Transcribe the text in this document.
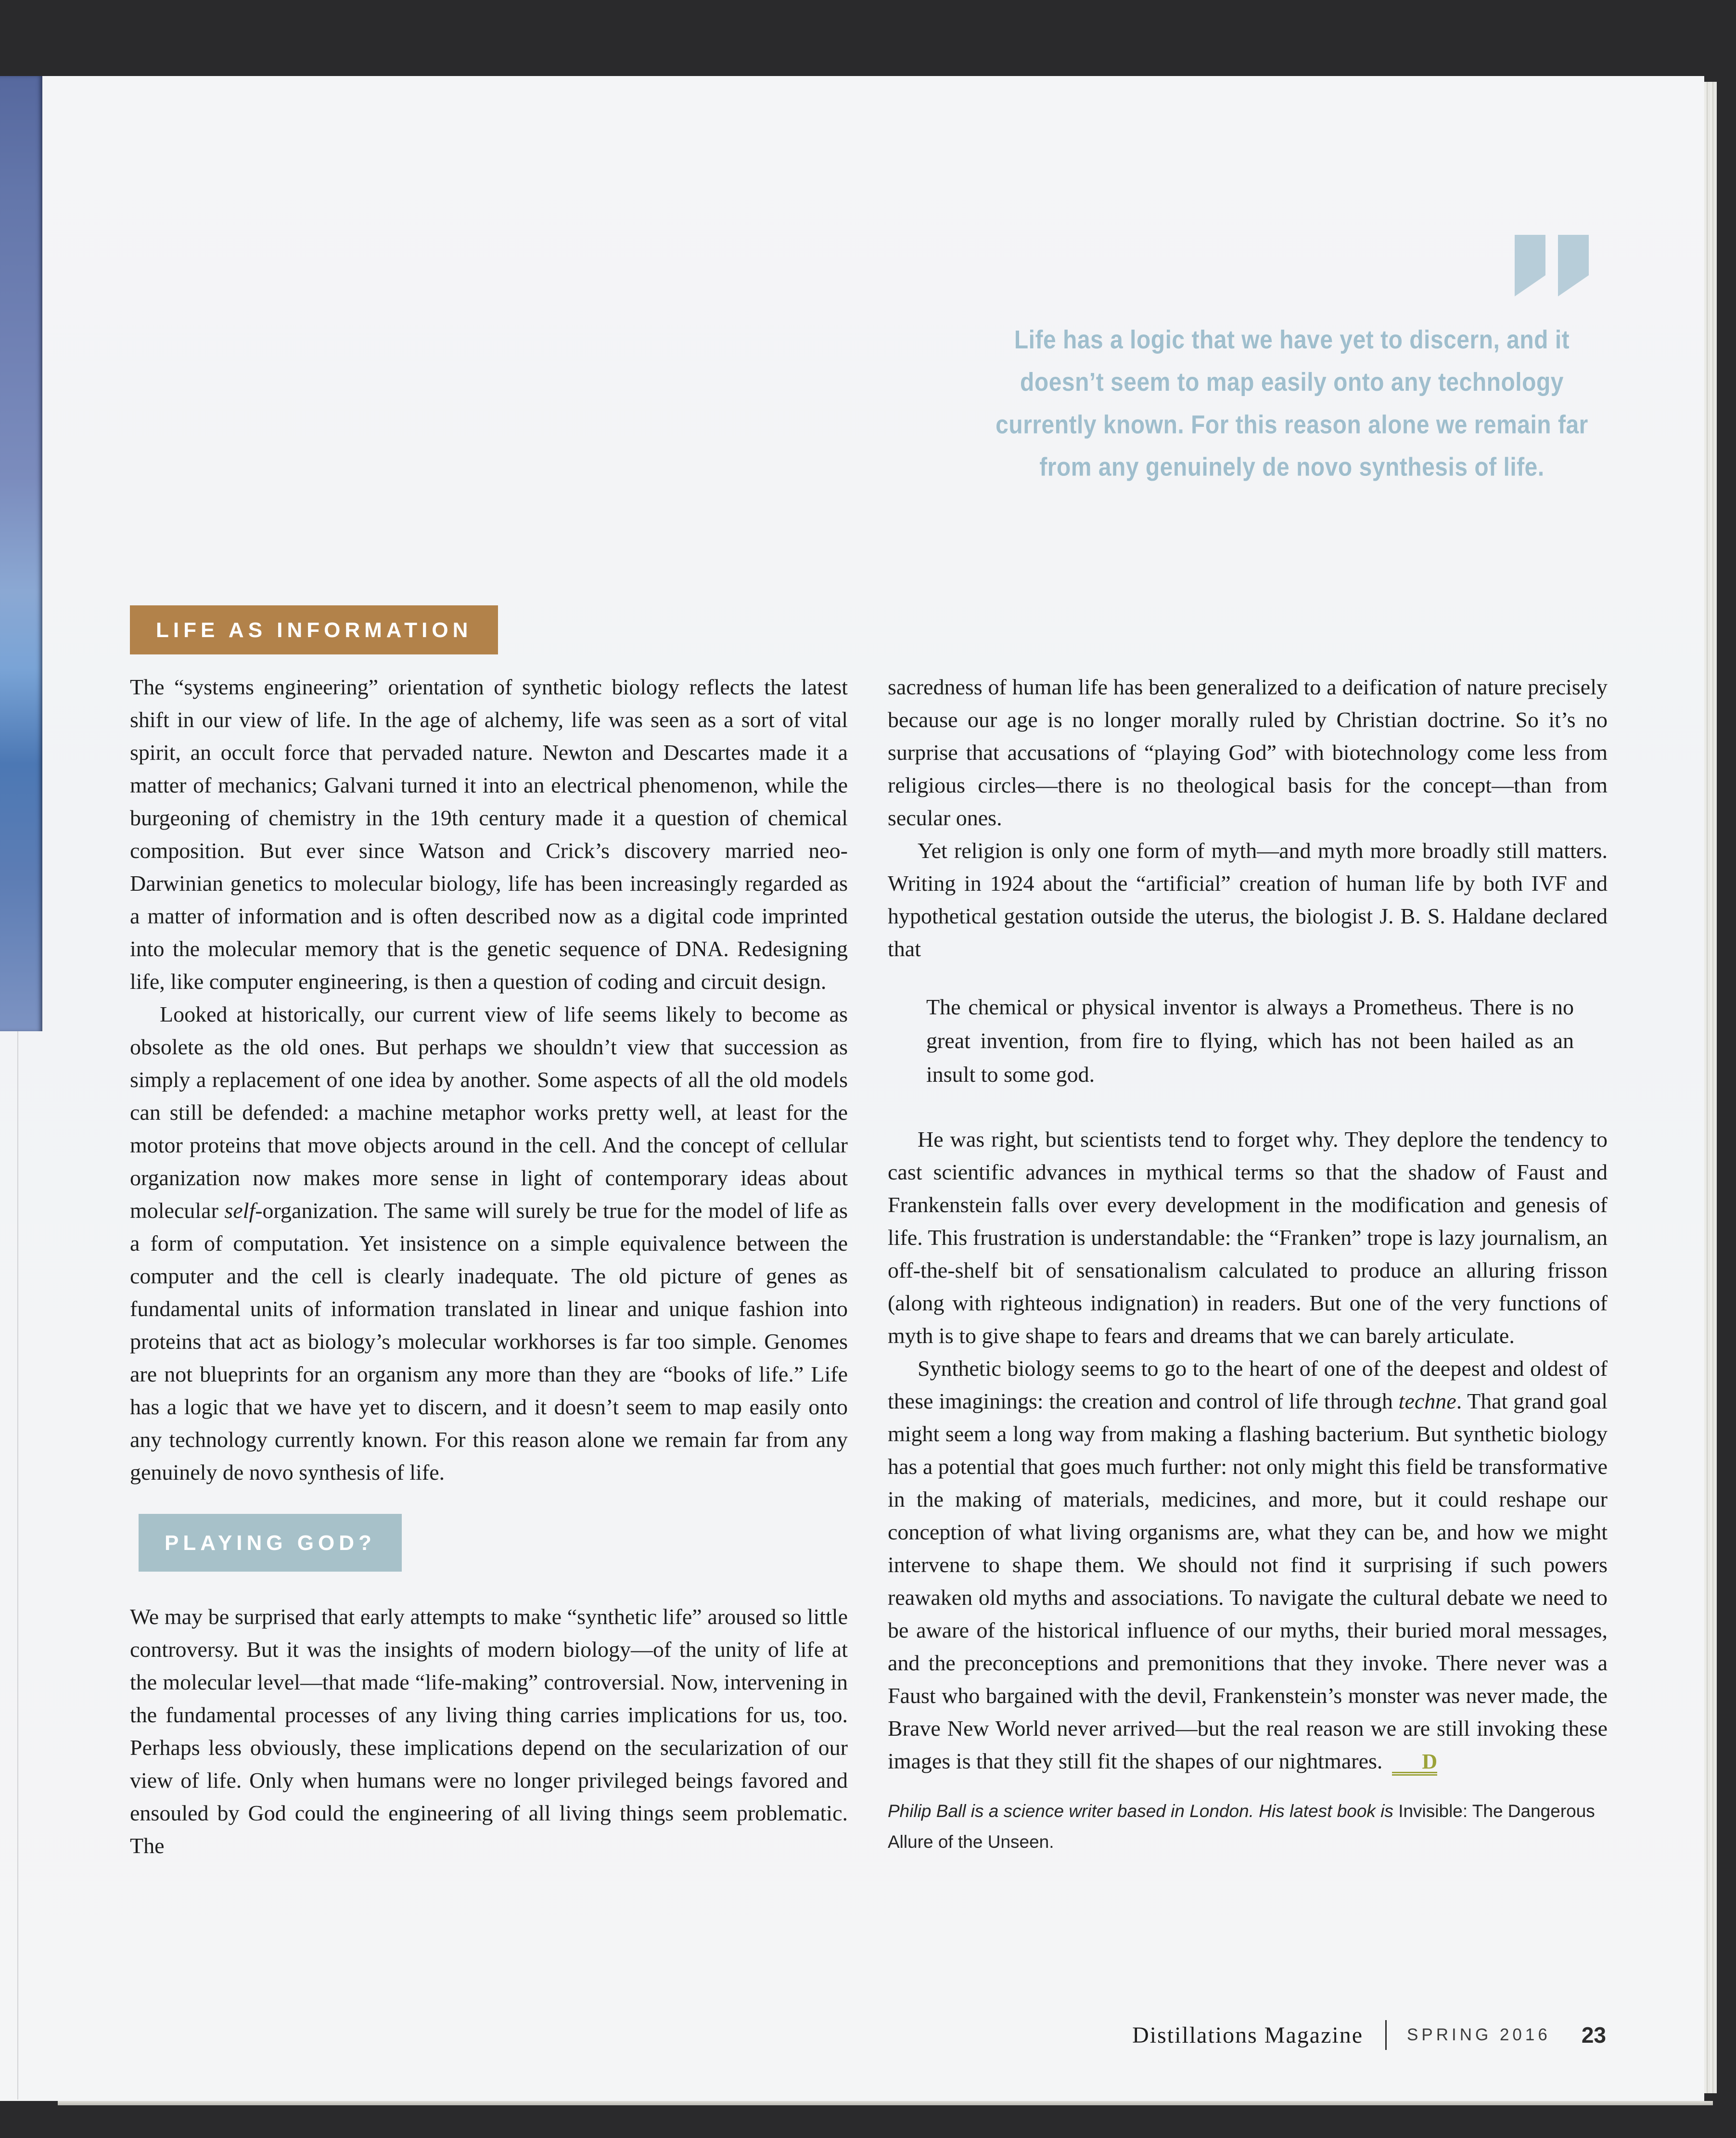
Life has a logic that we have yet to discern, and it doesn’t seem to map easily onto any technology currently known. For this reason alone we remain far from any genuinely de novo synthesis of life.
LIFE AS INFORMATION

The “systems engineering” orientation of synthetic biology reflects the latest shift in our view of life. In the age of alchemy, life was seen as a sort of vital spirit, an occult force that pervaded nature. Newton and Descartes made it a matter of mechanics; Galvani turned it into an electrical phenomenon, while the burgeoning of chemistry in the 19th century made it a question of chemical composition. But ever since Watson and Crick’s discovery married neo-Darwinian genetics to molecular biology, life has been increasingly regarded as a matter of information and is often described now as a digital code imprinted into the molecular memory that is the genetic sequence of DNA. Redesigning life, like computer engineering, is then a question of coding and circuit design.

Looked at historically, our current view of life seems likely to become as obsolete as the old ones. But perhaps we shouldn’t view that succession as simply a replacement of one idea by another. Some aspects of all the old models can still be defended: a machine metaphor works pretty well, at least for the motor proteins that move objects around in the cell. And the concept of cellular organization now makes more sense in light of contemporary ideas about molecular self-organization. The same will surely be true for the model of life as a form of computation. Yet insistence on a simple equivalence between the computer and the cell is clearly inadequate. The old picture of genes as fundamental units of information translated in linear and unique fashion into proteins that act as biology’s molecular workhorses is far too simple. Genomes are not blueprints for an organism any more than they are “books of life.” Life has a logic that we have yet to discern, and it doesn’t seem to map easily onto any technology currently known. For this reason alone we remain far from any genuinely de novo synthesis of life.

PLAYING GOD?

We may be surprised that early attempts to make “synthetic life” aroused so little controversy. But it was the insights of modern biology—of the unity of life at the molecular level—that made “life-making” controversial. Now, intervening in the fundamental processes of any living thing carries implications for us, too. Perhaps less obviously, these implications depend on the secularization of our view of life. Only when humans were no longer privileged beings favored and ensouled by God could the engineering of all living things seem problematic. The

sacredness of human life has been generalized to a deification of nature precisely because our age is no longer morally ruled by Christian doctrine. So it’s no surprise that accusations of “playing God” with biotechnology come less from religious circles—there is no theological basis for the concept—than from secular ones.

Yet religion is only one form of myth—and myth more broadly still matters. Writing in 1924 about the “artificial” creation of human life by both IVF and hypothetical gestation outside the uterus, the biologist J. B. S. Haldane declared that

The chemical or physical inventor is always a Prometheus. There is no great invention, from fire to flying, which has not been hailed as an insult to some god.

He was right, but scientists tend to forget why. They deplore the tendency to cast scientific advances in mythical terms so that the shadow of Faust and Frankenstein falls over every development in the modification and genesis of life. This frustration is understandable: the “Franken” trope is lazy journalism, an off-the-shelf bit of sensationalism calculated to produce an alluring frisson (along with righteous indignation) in readers. But one of the very functions of myth is to give shape to fears and dreams that we can barely articulate.

Synthetic biology seems to go to the heart of one of the deepest and oldest of these imaginings: the creation and control of life through techne. That grand goal might seem a long way from making a flashing bacterium. But synthetic biology has a potential that goes much further: not only might this field be transformative in the making of materials, medicines, and more, but it could reshape our conception of what living organisms are, what they can be, and how we might intervene to shape them. We should not find it surprising if such powers reawaken old myths and associations. To navigate the cultural debate we need to be aware of the historical influence of our myths, their buried moral messages, and the preconceptions and premonitions that they invoke. There never was a Faust who bargained with the devil, Frankenstein’s monster was never made, the Brave New World never arrived—but the real reason we are still invoking these images is that they still fit the shapes of our nightmares. D

Philip Ball is a science writer based in London. His latest book is Invisible: The Dangerous Allure of the Unseen.

Distillations Magazine	SPRING 2016 23
